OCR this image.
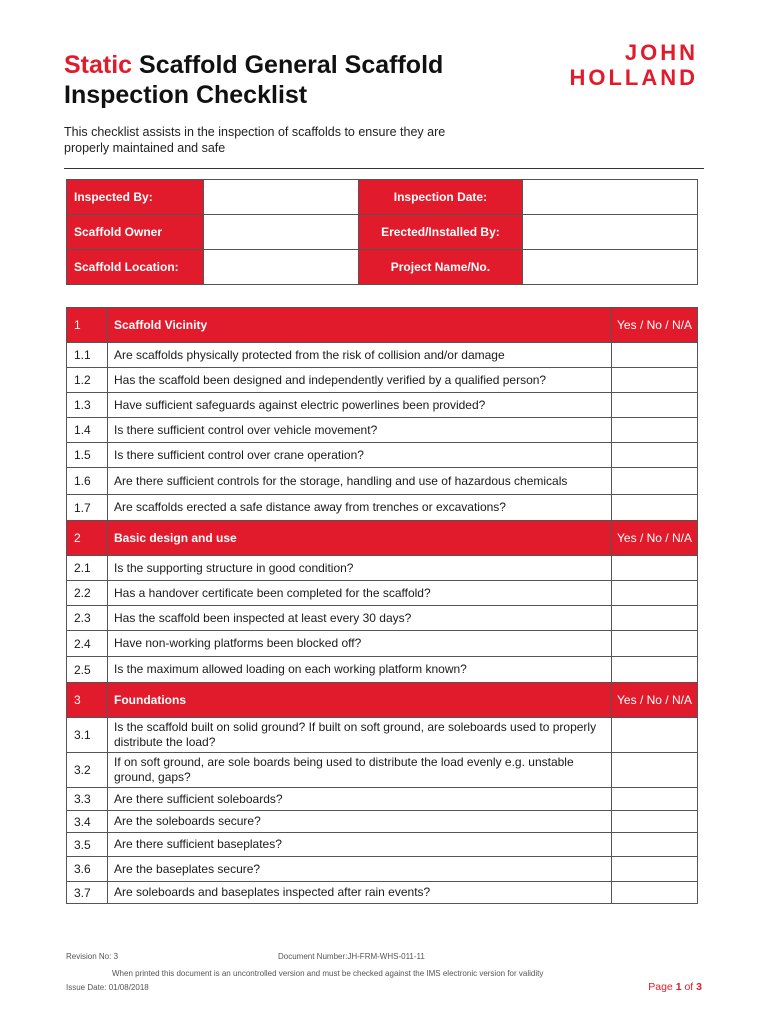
Static Scaffold General Scaffold Inspection Checklist
JOHN
HOLLAND
This checklist assists in the inspection of scaffolds to ensure they are properly maintained and safe
Inspected By:		Inspection Date:	
Scaffold Owner		Erected/Installed By:	
Scaffold Location:		Project Name/No.	
1	Scaffold Vicinity	Yes / No / N/A
1.1	Are scaffolds physically protected from the risk of collision and/or damage	
1.2	Has the scaffold been designed and independently verified by a qualified person?	
1.3	Have sufficient safeguards against electric powerlines been provided?	
1.4	Is there sufficient control over vehicle movement?	
1.5	Is there sufficient control over crane operation?	
1.6	Are there sufficient controls for the storage, handling and use of hazardous chemicals	
1.7	Are scaffolds erected a safe distance away from trenches or excavations?	
2	Basic design and use	Yes / No / N/A
2.1	Is the supporting structure in good condition?	
2.2	Has a handover certificate been completed for the scaffold?	
2.3	Has the scaffold been inspected at least every 30 days?	
2.4	Have non-working platforms been blocked off?	
2.5	Is the maximum allowed loading on each working platform known?	
3	Foundations	Yes / No / N/A
3.1	Is the scaffold built on solid ground? If built on soft ground, are soleboards used to properly distribute the load?	
3.2	If on soft ground, are sole boards being used to distribute the load evenly e.g. unstable ground, gaps?	
3.3	Are there sufficient soleboards?	
3.4	Are the soleboards secure?	
3.5	Are there sufficient baseplates?	
3.6	Are the baseplates secure?	
3.7	Are soleboards and baseplates inspected after rain events?	
Revision No: 3	Document Number:JH-FRM-WHS-011-11
When printed this document is an uncontrolled version and must be checked against the IMS electronic version for validity
Issue Date: 01/08/2018	Page 1 of 3
